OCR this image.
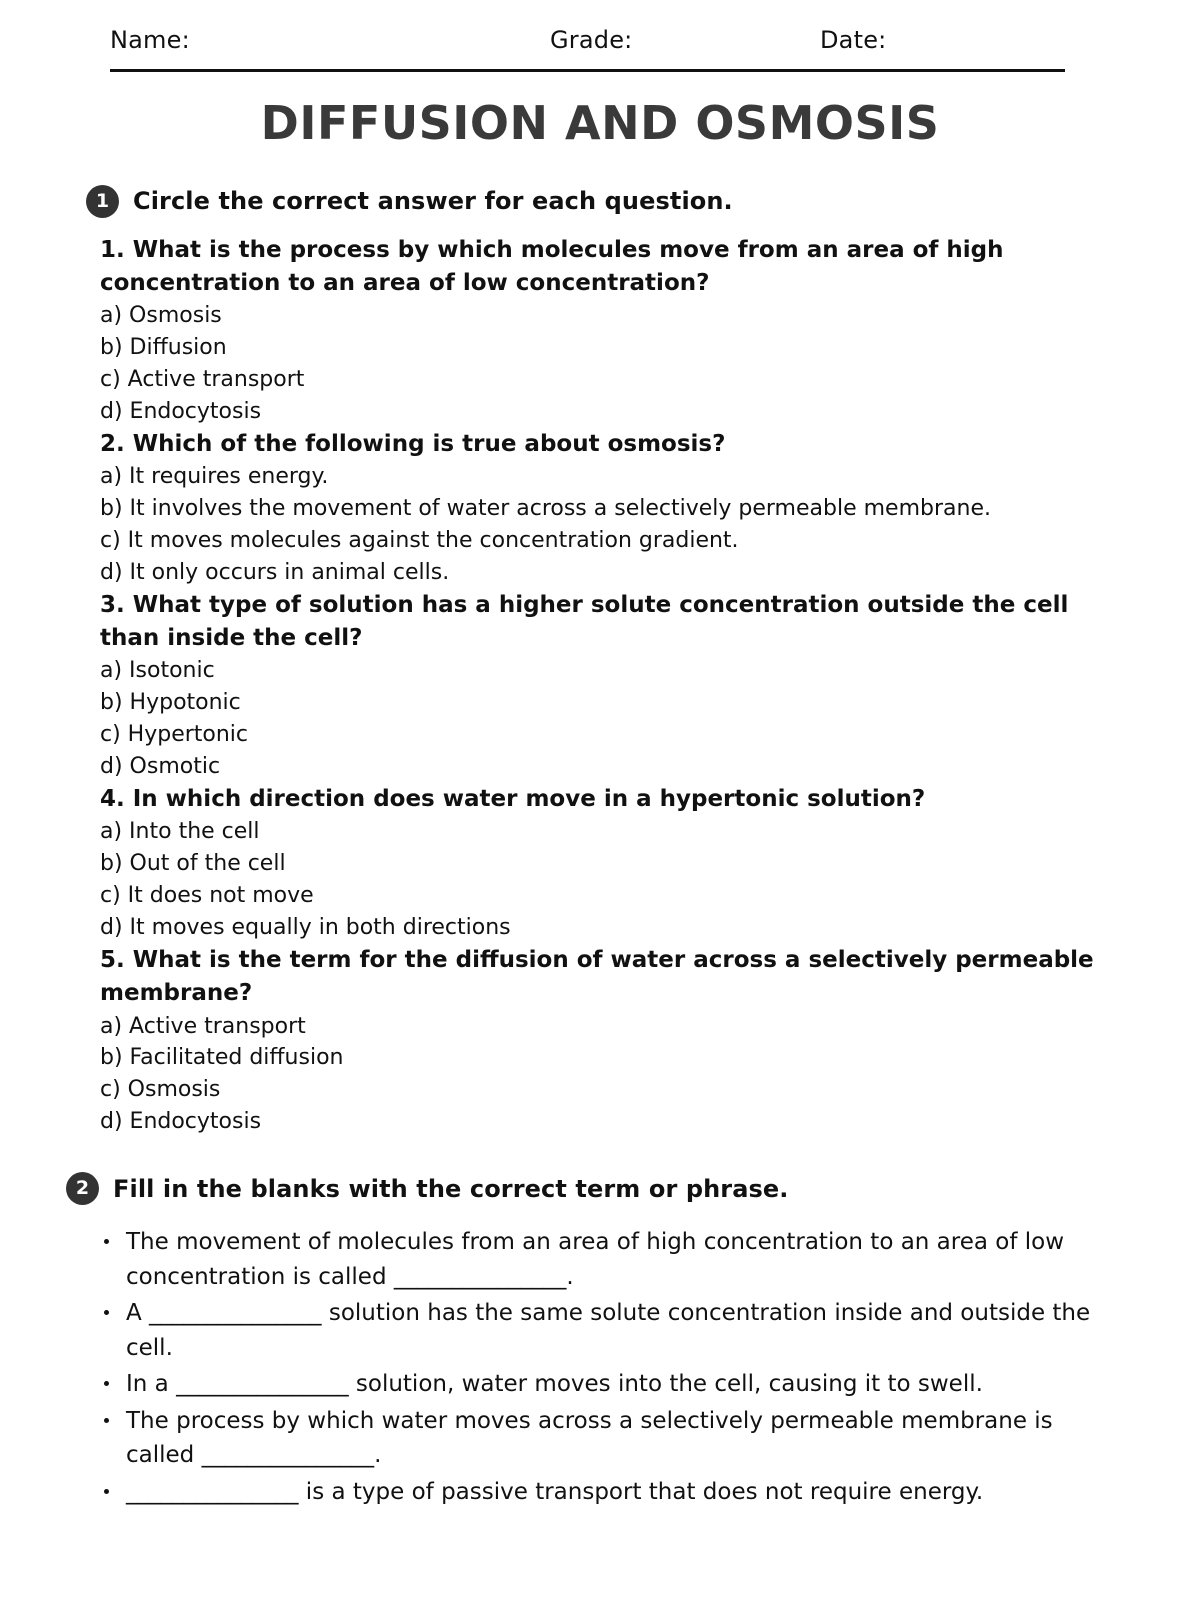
Name:	Grade:	Date:
DIFFUSION AND OSMOSIS
1 Circle the correct answer for each question.

1. What is the process by which molecules move from an area of high concentration to an area of low concentration?

a) Osmosis

b) Diffusion

c) Active transport

d) Endocytosis

2. Which of the following is true about osmosis?

a) It requires energy.

b) It involves the movement of water across a selectively permeable membrane.

c) It moves molecules against the concentration gradient.

d) It only occurs in animal cells.

3. What type of solution has a higher solute concentration outside the cell than inside the cell?

a) Isotonic

b) Hypotonic

c) Hypertonic

d) Osmotic

4. In which direction does water move in a hypertonic solution?

a) Into the cell

b) Out of the cell

c) It does not move

d) It moves equally in both directions

5. What is the term for the diffusion of water across a selectively permeable membrane?

a) Active transport

b) Facilitated diffusion

c) Osmosis

d) Endocytosis

2 Fill in the blanks with the correct term or phrase.
The movement of molecules from an area of high concentration to an area of low concentration is called _______________.
A _______________ solution has the same solute concentration inside and outside the cell.
In a _______________ solution, water moves into the cell, causing it to swell.
The process by which water moves across a selectively permeable membrane is called _______________.
_______________ is a type of passive transport that does not require energy.
